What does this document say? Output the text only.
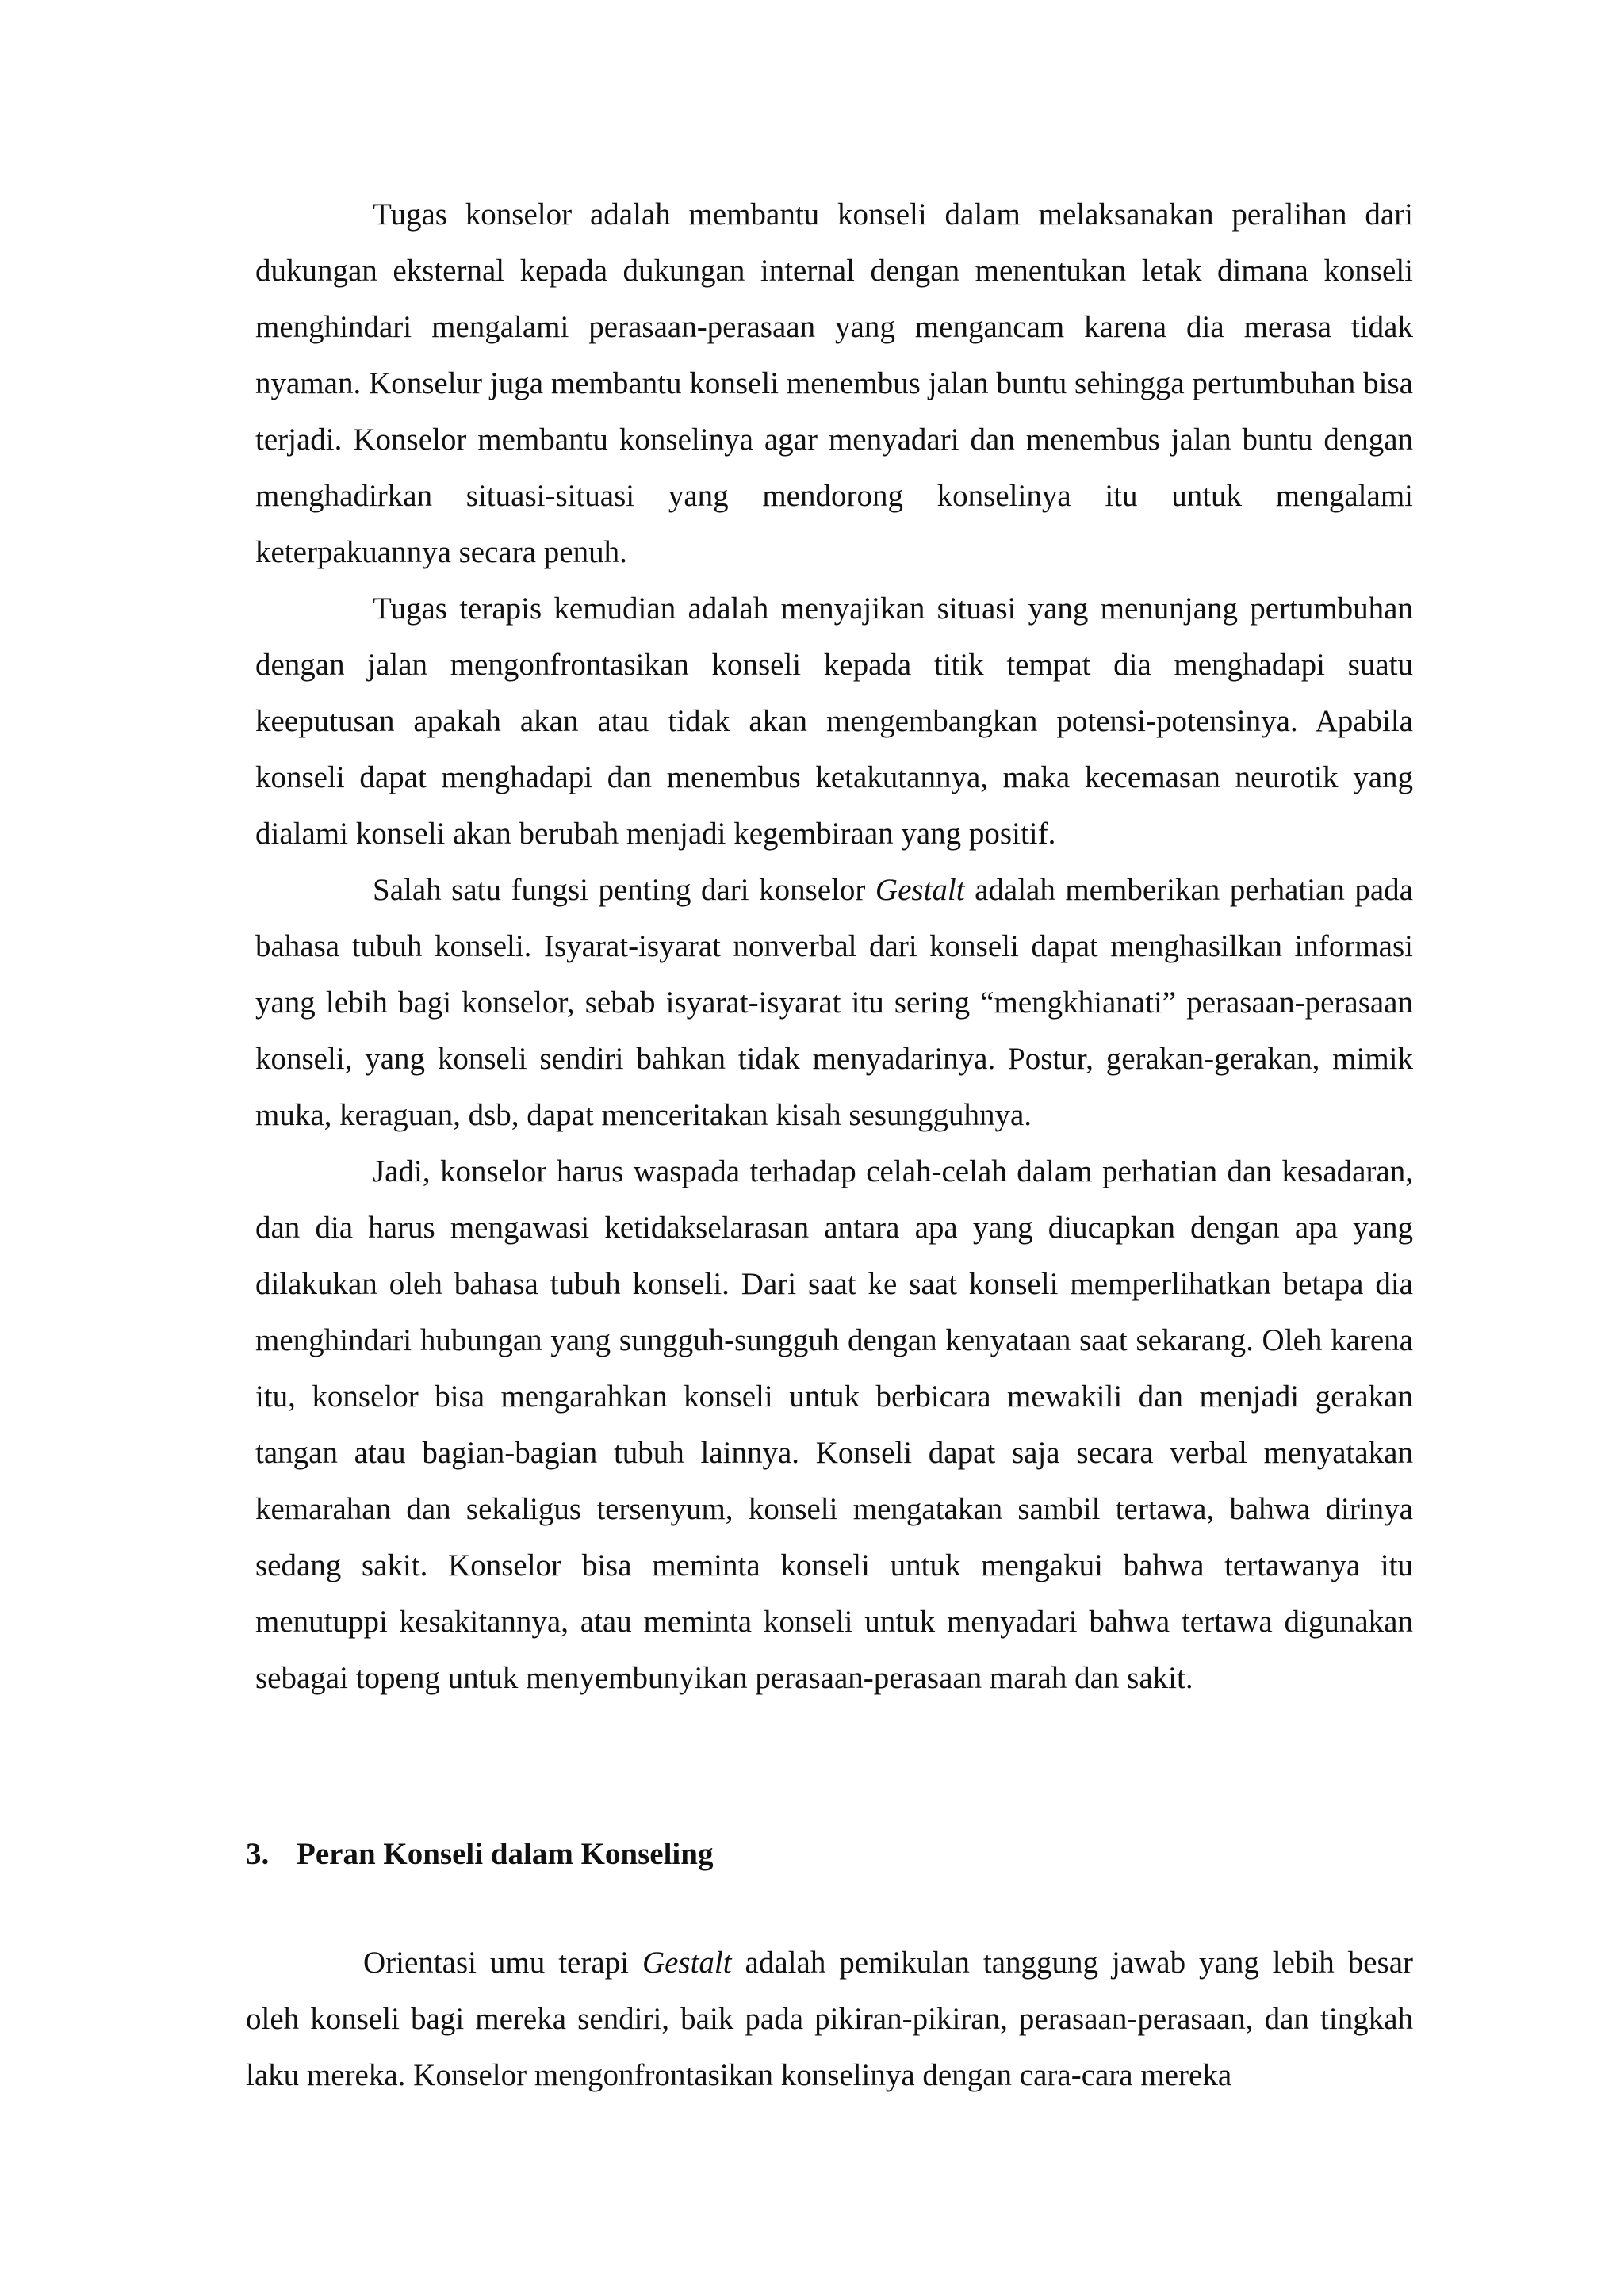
Tugas konselor adalah membantu konseli dalam melaksanakan peralihan dari dukungan eksternal kepada dukungan internal dengan menentukan letak dimana konseli menghindari mengalami perasaan-perasaan yang mengancam karena dia merasa tidak nyaman. Konselur juga membantu konseli menembus jalan buntu sehingga pertumbuhan bisa terjadi. Konselor membantu konselinya agar menyadari dan menembus jalan buntu dengan menghadirkan situasi-situasi yang mendorong konselinya itu untuk mengalami keterpakuannya secara penuh.

Tugas terapis kemudian adalah menyajikan situasi yang menunjang pertumbuhan dengan jalan mengonfrontasikan konseli kepada titik tempat dia menghadapi suatu keeputusan apakah akan atau tidak akan mengembangkan potensi-potensinya. Apabila konseli dapat menghadapi dan menembus ketakutannya, maka kecemasan neurotik yang dialami konseli akan berubah menjadi kegembiraan yang positif.

Salah satu fungsi penting dari konselor Gestalt adalah memberikan perhatian pada bahasa tubuh konseli. Isyarat-isyarat nonverbal dari konseli dapat menghasilkan informasi yang lebih bagi konselor, sebab isyarat-isyarat itu sering “mengkhianati” perasaan-perasaan konseli, yang konseli sendiri bahkan tidak menyadarinya. Postur, gerakan-gerakan, mimik muka, keraguan, dsb, dapat menceritakan kisah sesungguhnya.

Jadi, konselor harus waspada terhadap celah-celah dalam perhatian dan kesadaran, dan dia harus mengawasi ketidakselarasan antara apa yang diucapkan dengan apa yang dilakukan oleh bahasa tubuh konseli. Dari saat ke saat konseli memperlihatkan betapa dia menghindari hubungan yang sungguh-sungguh dengan kenyataan saat sekarang. Oleh karena itu, konselor bisa mengarahkan konseli untuk berbicara mewakili dan menjadi gerakan tangan atau bagian-bagian tubuh lainnya. Konseli dapat saja secara verbal menyatakan kemarahan dan sekaligus tersenyum, konseli mengatakan sambil tertawa, bahwa dirinya sedang sakit. Konselor bisa meminta konseli untuk mengakui bahwa tertawanya itu menutuppi kesakitannya, atau meminta konseli untuk menyadari bahwa tertawa digunakan sebagai topeng untuk menyembunyikan perasaan-perasaan marah dan sakit.

3. Peran Konseli dalam Konseling

Orientasi umu terapi Gestalt adalah pemikulan tanggung jawab yang lebih besar oleh konseli bagi mereka sendiri, baik pada pikiran-pikiran, perasaan-perasaan, dan tingkah laku mereka. Konselor mengonfrontasikan konselinya dengan cara-cara mereka
